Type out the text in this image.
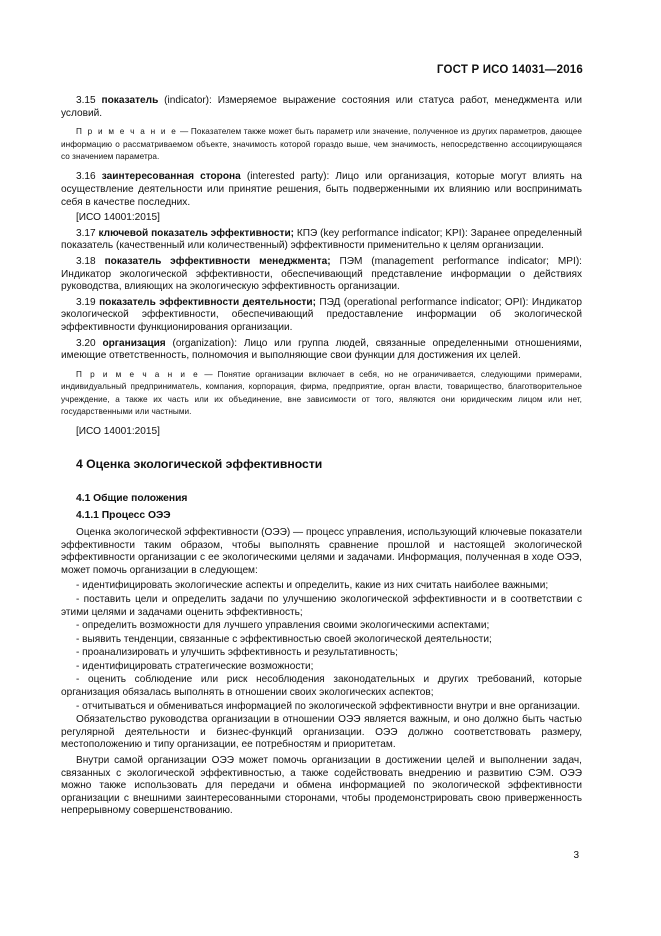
ГОСТ Р ИСО 14031—2016

3.15 показатель (indicator): Измеряемое выражение состояния или статуса работ, менеджмента или условий.

П р и м е ч а н и е — Показателем также может быть параметр или значение, полученное из других параметров, дающее информацию о рассматриваемом объекте, значимость которой гораздо выше, чем значимость, непосредственно ассоциирующаяся со значением параметра.

3.16 заинтересованная сторона (interested party): Лицо или организация, которые могут влиять на осуществление деятельности или принятие решения, быть подверженными их влиянию или воспринимать себя в качестве последних.

[ИСО 14001:2015]

3.17 ключевой показатель эффективности; КПЭ (key performance indicator; KPI): Заранее определенный показатель (качественный или количественный) эффективности применительно к целям организации.

3.18 показатель эффективности менеджмента; ПЭМ (management performance indicator; MPI): Индикатор экологической эффективности, обеспечивающий представление информации о действиях руководства, влияющих на экологическую эффективность организации.

3.19 показатель эффективности деятельности; ПЭД (operational performance indicator; OPI): Индикатор экологической эффективности, обеспечивающий предоставление информации об экологической эффективности функционирования организации.

3.20 организация (organization): Лицо или группа людей, связанные определенными отношениями, имеющие ответственность, полномочия и выполняющие свои функции для достижения их целей.

П р и м е ч а н и е — Понятие организации включает в себя, но не ограничивается, следующими примерами, индивидуальный предприниматель, компания, корпорация, фирма, предприятие, орган власти, товарищество, благотворительное учреждение, а также их часть или их объединение, вне зависимости от того, являются они юридическим лицом или нет, государственными или частными.

[ИСО 14001:2015]

4 Оценка экологической эффективности
4.1 Общие положения
4.1.1 Процесс ОЭЭ

Оценка экологической эффективности (ОЭЭ) — процесс управления, использующий ключевые показатели эффективности таким образом, чтобы выполнять сравнение прошлой и настоящей экологической эффективности организации с ее экологическими целями и задачами. Информация, полученная в ходе ОЭЭ, может помочь организации в следующем:

- идентифицировать экологические аспекты и определить, какие из них считать наиболее важными;

- поставить цели и определить задачи по улучшению экологической эффективности и в соответствии с этими целями и задачами оценить эффективность;

- определить возможности для лучшего управления своими экологическими аспектами;

- выявить тенденции, связанные с эффективностью своей экологической деятельности;

- проанализировать и улучшить эффективность и результативность;

- идентифицировать стратегические возможности;

- оценить соблюдение или риск несоблюдения законодательных и других требований, которые организация обязалась выполнять в отношении своих экологических аспектов;

- отчитываться и обмениваться информацией по экологической эффективности внутри и вне организации.

Обязательство руководства организации в отношении ОЭЭ является важным, и оно должно быть частью регулярной деятельности и бизнес-функций организации. ОЭЭ должно соответствовать размеру, местоположению и типу организации, ее потребностям и приоритетам.

Внутри самой организации ОЭЭ может помочь организации в достижении целей и выполнении задач, связанных с экологической эффективностью, а также содействовать внедрению и развитию СЭМ. ОЭЭ можно также использовать для передачи и обмена информацией по экологической эффективности организации с внешними заинтересованными сторонами, чтобы продемонстрировать свою приверженность непрерывному совершенствованию.

3
